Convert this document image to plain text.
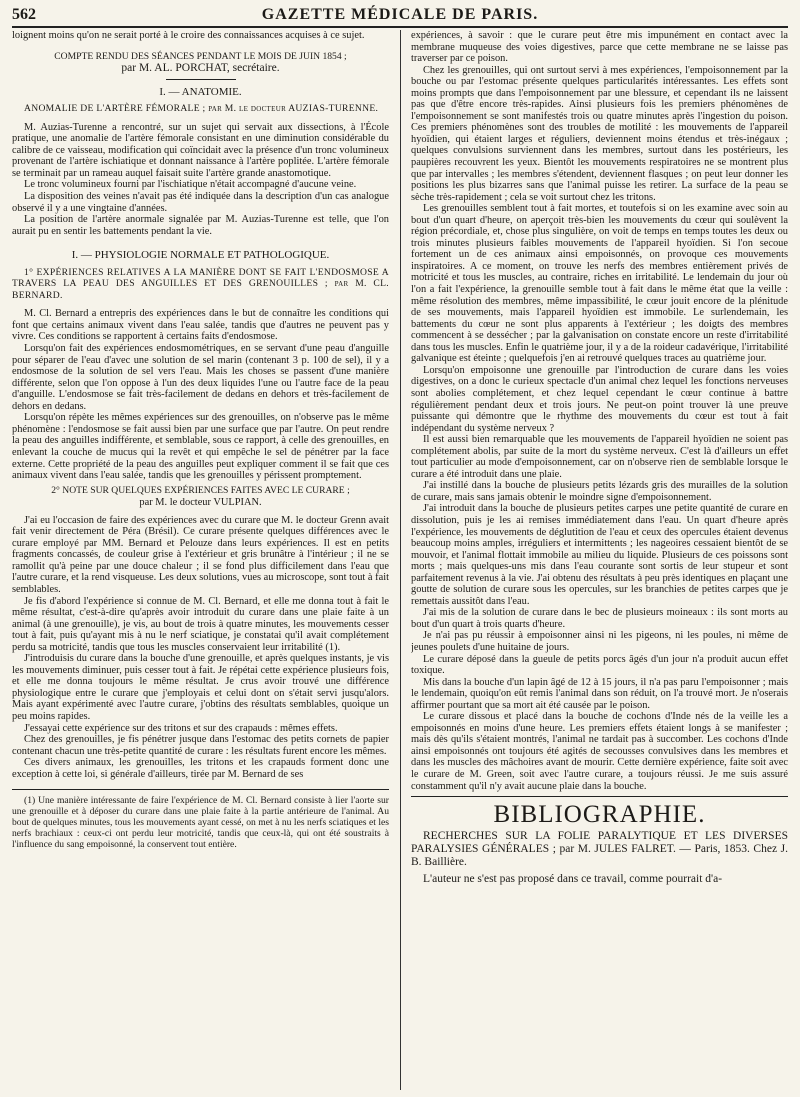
562	GAZETTE MÉDICALE DE PARIS.

loignent moins qu'on ne serait porté à le croire des connaissances acquises à ce sujet.

COMPTE RENDU DES SÉANCES PENDANT LE MOIS DE JUIN 1854 ;
par M. AL. PORCHAT, secrétaire.
I. — ANATOMIE.
ANOMALIE DE L'ARTÈRE FÉMORALE ; par M. le docteur AUZIAS-TURENNE.

M. Auzias-Turenne a rencontré, sur un sujet qui servait aux dissections, à l'École pratique, une anomalie de l'artère fémorale consistant en une diminution considérable du calibre de ce vaisseau, modification qui coïncidait avec la présence d'un tronc volumineux provenant de l'artère ischiatique et donnant naissance à l'artère poplitée. L'artère fémorale se terminait par un rameau auquel faisait suite l'artère grande anastomotique.

Le tronc volumineux fourni par l'ischiatique n'était accompagné d'aucune veine.

La disposition des veines n'avait pas été indiquée dans la description d'un cas analogue observé il y a une vingtaine d'années.

La position de l'artère anormale signalée par M. Auzias-Turenne est telle, que l'on aurait pu en sentir les battements pendant la vie.

I. — PHYSIOLOGIE NORMALE ET PATHOLOGIQUE.
1° EXPÉRIENCES RELATIVES A LA MANIÈRE DONT SE FAIT L'ENDOSMOSE A TRAVERS LA PEAU DES ANGUILLES ET DES GRENOUILLES ; par M. CL. BERNARD.

M. Cl. Bernard a entrepris des expériences dans le but de connaître les conditions qui font que certains animaux vivent dans l'eau salée, tandis que d'autres ne peuvent pas y vivre. Ces conditions se rapportent à certains faits d'endosmose.

Lorsqu'on fait des expériences endosmométriques, en se servant d'une peau d'anguille pour séparer de l'eau d'avec une solution de sel marin (contenant 3 p. 100 de sel), il y a endosmose de la solution de sel vers l'eau. Mais les choses se passent d'une manière différente, selon que l'on oppose à l'un des deux liquides l'une ou l'autre face de la peau d'anguille. L'endosmose se fait très-facilement de dedans en dehors et très-facilement de dehors en dedans.

Lorsqu'on répète les mêmes expériences sur des grenouilles, on n'observe pas le même phénomène : l'endosmose se fait aussi bien par une surface que par l'autre. On peut rendre la peau des anguilles indifférente, et semblable, sous ce rapport, à celle des grenouilles, en enlevant la couche de mucus qui la revêt et qui empêche le sel de pénétrer par la face externe. Cette propriété de la peau des anguilles peut expliquer comment il se fait que ces animaux vivent dans l'eau salée, tandis que les grenouilles y périssent promptement.

2° NOTE SUR QUELQUES EXPÉRIENCES FAITES AVEC LE CURARE ;
par M. le docteur VULPIAN.

J'ai eu l'occasion de faire des expériences avec du curare que M. le docteur Grenn avait fait venir directement de Péra (Brésil). Ce curare présente quelques différences avec le curare employé par MM. Bernard et Pelouze dans leurs expériences. Il est en petits fragments concassés, de couleur grise à l'extérieur et gris brunâtre à l'intérieur ; il ne se ramollit qu'à peine par une douce chaleur ; il se fond plus difficilement dans l'eau que l'autre curare, et la rend visqueuse. Les deux solutions, vues au microscope, sont tout à fait semblables.

Je fis d'abord l'expérience si connue de M. Cl. Bernard, et elle me donna tout à fait le même résultat, c'est-à-dire qu'après avoir introduit du curare dans une plaie faite à un animal (à une grenouille), je vis, au bout de trois à quatre minutes, les mouvements cesser tout à fait, puis qu'ayant mis à nu le nerf sciatique, je constatai qu'il avait complétement perdu sa motricité, tandis que tous les muscles conservaient leur irritabilité (1).

J'introduisis du curare dans la bouche d'une grenouille, et après quelques instants, je vis les mouvements diminuer, puis cesser tout à fait. Je répétai cette expérience plusieurs fois, et elle me donna toujours le même résultat. Je crus avoir trouvé une différence physiologique entre le curare que j'employais et celui dont on s'était servi jusqu'alors. Mais ayant expérimenté avec l'autre curare, j'obtins des résultats semblables, quoique un peu moins rapides.

J'essayai cette expérience sur des tritons et sur des crapauds : mêmes effets.

Chez des grenouilles, je fis pénétrer jusque dans l'estomac des petits cornets de papier contenant chacun une très-petite quantité de curare : les résultats furent encore les mêmes.

Ces divers animaux, les grenouilles, les tritons et les crapauds forment donc une exception à cette loi, si générale d'ailleurs, tirée par M. Bernard de ses

(1) Une manière intéressante de faire l'expérience de M. Cl. Bernard consiste à lier l'aorte sur une grenouille et à déposer du curare dans une plaie faite à la partie antérieure de l'animal. Au bout de quelques minutes, tous les mouvements ayant cessé, on met à nu les nerfs sciatiques et les nerfs brachiaux : ceux-ci ont perdu leur motricité, tandis que ceux-là, qui ont été soustraits à l'influence du sang empoisonné, la conservent tout entière.

expériences, à savoir : que le curare peut être mis impunément en contact avec la membrane muqueuse des voies digestives, parce que cette membrane ne se laisse pas traverser par ce poison.

Chez les grenouilles, qui ont surtout servi à mes expériences, l'empoisonnement par la bouche ou par l'estomac présente quelques particularités intéressantes. Les effets sont moins prompts que dans l'empoisonnement par une blessure, et cependant ils ne laissent pas que d'être encore très-rapides. Ainsi plusieurs fois les premiers phénomènes de l'empoisonnement se sont manifestés trois ou quatre minutes après l'ingestion du poison. Ces premiers phénomènes sont des troubles de motilité : les mouvements de l'appareil hyoïdien, qui étaient larges et réguliers, deviennent moins étendus et très-inégaux ; quelques convulsions surviennent dans les membres, surtout dans les postérieurs, les paupières recouvrent les yeux. Bientôt les mouvements respiratoires ne se montrent plus que par intervalles ; les membres s'étendent, deviennent flasques ; on peut leur donner les positions les plus bizarres sans que l'animal puisse les retirer. La surface de la peau se sèche très-rapidement ; cela se voit surtout chez les tritons.

Les grenouilles semblent tout à fait mortes, et toutefois si on les examine avec soin au bout d'un quart d'heure, on aperçoit très-bien les mouvements du cœur qui soulèvent la région précordiale, et, chose plus singulière, on voit de temps en temps toutes les deux ou trois minutes plusieurs faibles mouvements de l'appareil hyoïdien. Si l'on secoue fortement un de ces animaux ainsi empoisonnés, on provoque ces mouvements inspiratoires. A ce moment, on trouve les nerfs des membres entièrement privés de motricité et tous les muscles, au contraire, riches en irritabilité. Le lendemain du jour où l'on a fait l'expérience, la grenouille semble tout à fait dans le même état que la veille : même résolution des membres, même impassibilité, le cœur jouit encore de la plénitude de ses mouvements, mais l'appareil hyoïdien est immobile. Le surlendemain, les battements du cœur ne sont plus apparents à l'extérieur ; les doigts des membres commencent à se dessécher ; par la galvanisation on constate encore un reste d'irritabilité dans tous les muscles. Enfin le quatrième jour, il y a de la roideur cadavérique, l'irritabilité galvanique est éteinte ; quelquefois j'en ai retrouvé quelques traces au quatrième jour.

Lorsqu'on empoisonne une grenouille par l'introduction de curare dans les voies digestives, on a donc le curieux spectacle d'un animal chez lequel les fonctions nerveuses sont abolies complétement, et chez lequel cependant le cœur continue à battre régulièrement pendant deux et trois jours. Ne peut-on point trouver là une preuve puissante qui démontre que le rhythme des mouvements du cœur est tout à fait indépendant du système nerveux ?

Il est aussi bien remarquable que les mouvements de l'appareil hyoïdien ne soient pas complétement abolis, par suite de la mort du système nerveux. C'est là d'ailleurs un effet tout particulier au mode d'empoisonnement, car on n'observe rien de semblable lorsque le curare a été introduit dans une plaie.

J'ai instillé dans la bouche de plusieurs petits lézards gris des murailles de la solution de curare, mais sans jamais obtenir le moindre signe d'empoisonnement.

J'ai introduit dans la bouche de plusieurs petites carpes une petite quantité de curare en dissolution, puis je les ai remises immédiatement dans l'eau. Un quart d'heure après l'expérience, les mouvements de déglutition de l'eau et ceux des opercules étaient devenus beaucoup moins amples, irréguliers et intermittents ; les nageoires cessaient bientôt de se mouvoir, et l'animal flottait immobile au milieu du liquide. Plusieurs de ces poissons sont morts ; mais quelques-uns mis dans l'eau courante sont sortis de leur stupeur et sont parfaitement revenus à la vie. J'ai obtenu des résultats à peu près identiques en plaçant une goutte de solution de curare sous les opercules, sur les branchies de petites carpes que je remettais aussitôt dans l'eau.

J'ai mis de la solution de curare dans le bec de plusieurs moineaux : ils sont morts au bout d'un quart à trois quarts d'heure.

Je n'ai pas pu réussir à empoisonner ainsi ni les pigeons, ni les poules, ni même de jeunes poulets d'une huitaine de jours.

Le curare déposé dans la gueule de petits porcs âgés d'un jour n'a produit aucun effet toxique.

Mis dans la bouche d'un lapin âgé de 12 à 15 jours, il n'a pas paru l'empoisonner ; mais le lendemain, quoiqu'on eût remis l'animal dans son réduit, on l'a trouvé mort. Je n'oserais affirmer pourtant que sa mort ait été causée par le poison.

Le curare dissous et placé dans la bouche de cochons d'Inde nés de la veille les a empoisonnés en moins d'une heure. Les premiers effets étaient longs à se manifester ; mais dès qu'ils s'étaient montrés, l'animal ne tardait pas à succomber. Les cochons d'Inde ainsi empoisonnés ont toujours été agités de secousses convulsives dans les membres et dans les muscles des mâchoires avant de mourir. Cette dernière expérience, faite soit avec le curare de M. Green, soit avec l'autre curare, a toujours réussi. Je me suis assuré constamment qu'il n'y avait aucune plaie dans la bouche.

BIBLIOGRAPHIE.

RECHERCHES SUR LA FOLIE PARALYTIQUE ET LES DIVERSES PARALYSIES GÉNÉRALES ; par M. JULES FALRET. — Paris, 1853. Chez J. B. Baillière.

L'auteur ne s'est pas proposé dans ce travail, comme pourrait d'a-
